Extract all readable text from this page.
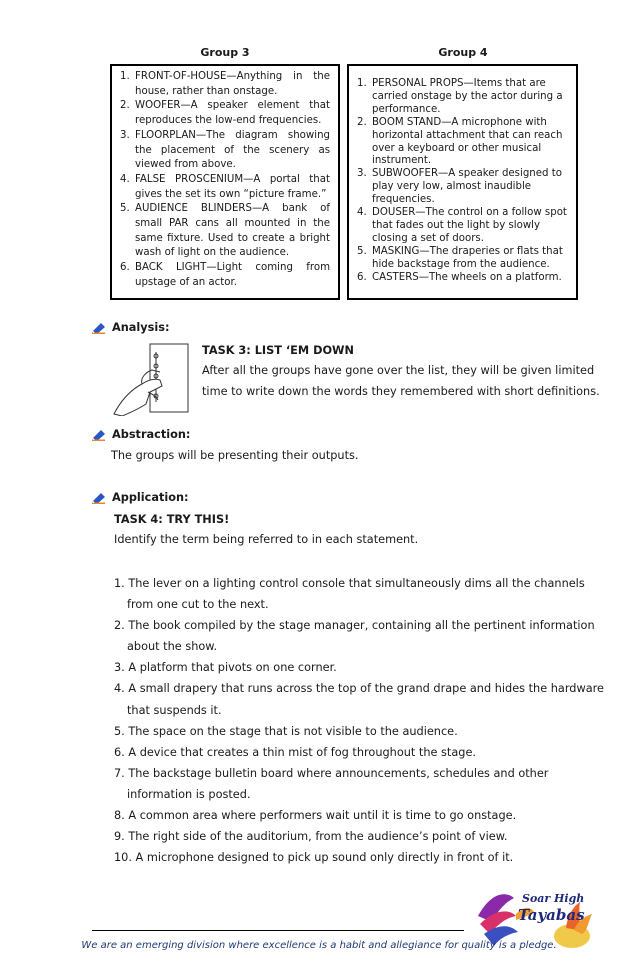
Group 3	Group 4
1. FRONT-OF-HOUSE—Anything in the house, rather than onstage.
2. WOOFER—A speaker element that reproduces the low-end frequencies.
3. FLOORPLAN—The diagram showing the placement of the scenery as viewed from above.
4. FALSE PROSCENIUM—A portal that gives the set its own “picture frame.”
5. AUDIENCE BLINDERS—A bank of small PAR cans all mounted in the same fixture. Used to create a bright wash of light on the audience.
6. BACK LIGHT—Light coming from upstage of an actor.
1. PERSONAL PROPS—Items that are carried onstage by the actor during a performance.
2. BOOM STAND—A microphone with horizontal attachment that can reach over a keyboard or other musical instrument.
3. SUBWOOFER—A speaker designed to play very low, almost inaudible frequencies.
4. DOUSER—The control on a follow spot that fades out the light by slowly closing a set of doors.
5. MASKING—The draperies or flats that hide backstage from the audience.
6. CASTERS—The wheels on a platform.
Analysis:
TASK 3: LIST ‘EM DOWN
After all the groups have gone over the list, they will be given limited
time to write down the words they remembered with short definitions.
Abstraction:
The groups will be presenting their outputs.
Application:
TASK 4: TRY THIS!
Identify the term being referred to in each statement.
1. The lever on a lighting control console that simultaneously dims all the channels from one cut to the next.
2. The book compiled by the stage manager, containing all the pertinent information about the show.
3. A platform that pivots on one corner.
4. A small drapery that runs across the top of the grand drape and hides the hardware that suspends it.
5. The space on the stage that is not visible to the audience.
6. A device that creates a thin mist of fog throughout the stage.
7. The backstage bulletin board where announcements, schedules and other information is posted.
8. A common area where performers wait until it is time to go onstage.
9. The right side of the auditorium, from the audience’s point of view.
10. A microphone designed to pick up sound only directly in front of it.
Soar High
Tayabas
We are an emerging division where excellence is a habit and allegiance for quality is a pledge.
